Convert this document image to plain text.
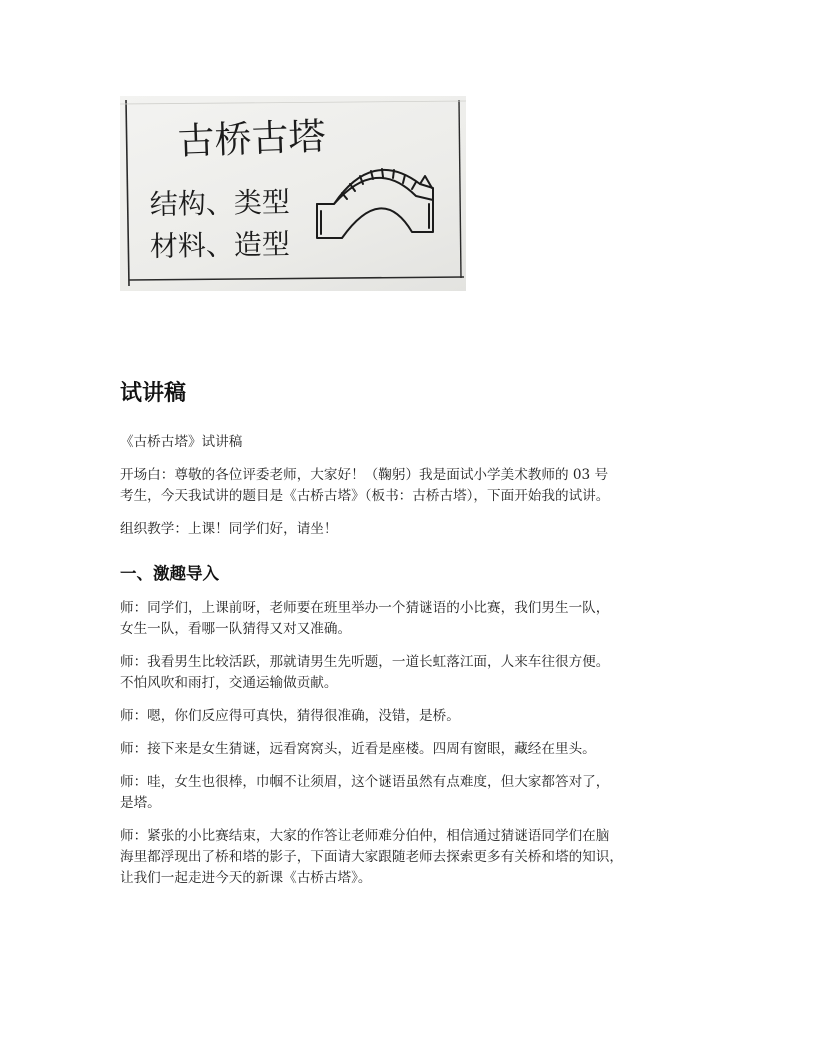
古桥古塔
结构、类型
材料、造型
试讲稿

《古桥古塔》试讲稿

开场白：尊敬的各位评委老师，大家好！（鞠躬）我是面试小学美术教师的 03 号
考生，今天我试讲的题目是《古桥古塔》（板书：古桥古塔），下面开始我的试讲。

组织教学：上课！同学们好，请坐！

一、激趣导入

师：同学们，上课前呀，老师要在班里举办一个猜谜语的小比赛，我们男生一队，
女生一队，看哪一队猜得又对又准确。

师：我看男生比较活跃，那就请男生先听题，一道长虹落江面，人来车往很方便。
不怕风吹和雨打，交通运输做贡献。

师：嗯，你们反应得可真快，猜得很准确，没错，是桥。

师：接下来是女生猜谜，远看窝窝头，近看是座楼。四周有窗眼，藏经在里头。

师：哇，女生也很棒，巾帼不让须眉，这个谜语虽然有点难度，但大家都答对了，
是塔。

师：紧张的小比赛结束，大家的作答让老师难分伯仲，相信通过猜谜语同学们在脑
海里都浮现出了桥和塔的影子，下面请大家跟随老师去探索更多有关桥和塔的知识，
让我们一起走进今天的新课《古桥古塔》。
